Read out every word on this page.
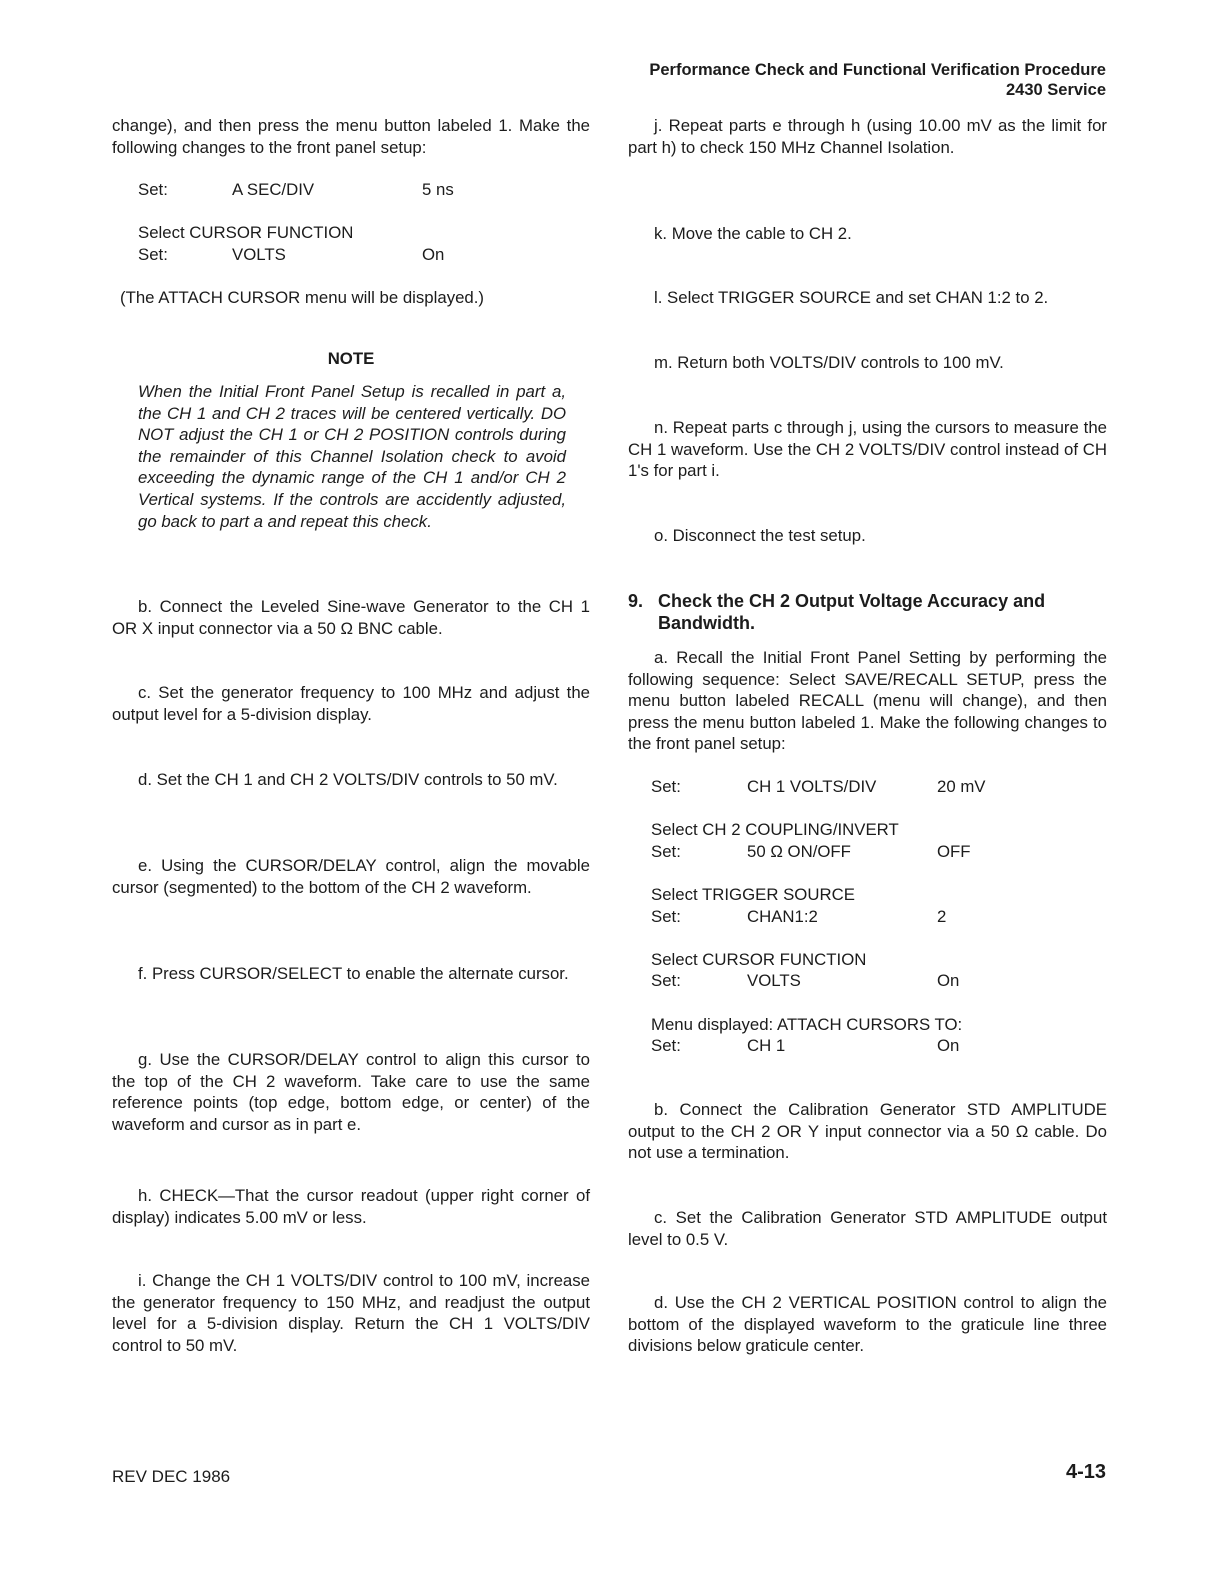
Performance Check and Functional Verification Procedure
2430 Service
change), and then press the menu button labeled 1. Make the following changes to the front panel setup:
Set:	A SEC/DIV	5 ns
Select CURSOR FUNCTION
Set:	VOLTS	On
(The ATTACH CURSOR menu will be displayed.)
NOTE
When the Initial Front Panel Setup is recalled in part a, the CH 1 and CH 2 traces will be centered vertically. DO NOT adjust the CH 1 or CH 2 POSITION controls during the remainder of this Channel Isolation check to avoid exceeding the dynamic range of the CH 1 and/or CH 2 Vertical systems. If the controls are accidently adjusted, go back to part a and repeat this check.
b. Connect the Leveled Sine-wave Generator to the CH 1 OR X input connector via a 50 Ω BNC cable.
c. Set the generator frequency to 100 MHz and adjust the output level for a 5-division display.
d. Set the CH 1 and CH 2 VOLTS/DIV controls to 50 mV.
e. Using the CURSOR/DELAY control, align the movable cursor (segmented) to the bottom of the CH 2 waveform.
f. Press CURSOR/SELECT to enable the alternate cursor.
g. Use the CURSOR/DELAY control to align this cursor to the top of the CH 2 waveform. Take care to use the same reference points (top edge, bottom edge, or center) of the waveform and cursor as in part e.
h. CHECK—That the cursor readout (upper right corner of display) indicates 5.00 mV or less.
i. Change the CH 1 VOLTS/DIV control to 100 mV, increase the generator frequency to 150 MHz, and readjust the output level for a 5-division display. Return the CH 1 VOLTS/DIV control to 50 mV.
j. Repeat parts e through h (using 10.00 mV as the limit for part h) to check 150 MHz Channel Isolation.
k. Move the cable to CH 2.
l. Select TRIGGER SOURCE and set CHAN 1:2 to 2.
m. Return both VOLTS/DIV controls to 100 mV.
n. Repeat parts c through j, using the cursors to measure the CH 1 waveform. Use the CH 2 VOLTS/DIV control instead of CH 1's for part i.
o. Disconnect the test setup.
9. Check the CH 2 Output Voltage Accuracy and Bandwidth.
a. Recall the Initial Front Panel Setting by performing the following sequence: Select SAVE/RECALL SETUP, press the menu button labeled RECALL (menu will change), and then press the menu button labeled 1. Make the following changes to the front panel setup:
Set:	CH 1 VOLTS/DIV	20 mV
Select CH 2 COUPLING/INVERT
Set:	50 Ω ON/OFF	OFF
Select TRIGGER SOURCE
Set:	CHAN1:2	2
Select CURSOR FUNCTION
Set:	VOLTS	On
Menu displayed: ATTACH CURSORS TO:
Set:	CH 1	On
b. Connect the Calibration Generator STD AMPLITUDE output to the CH 2 OR Y input connector via a 50 Ω cable. Do not use a termination.
c. Set the Calibration Generator STD AMPLITUDE output level to 0.5 V.
d. Use the CH 2 VERTICAL POSITION control to align the bottom of the displayed waveform to the graticule line three divisions below graticule center.
REV DEC 1986	4-13
